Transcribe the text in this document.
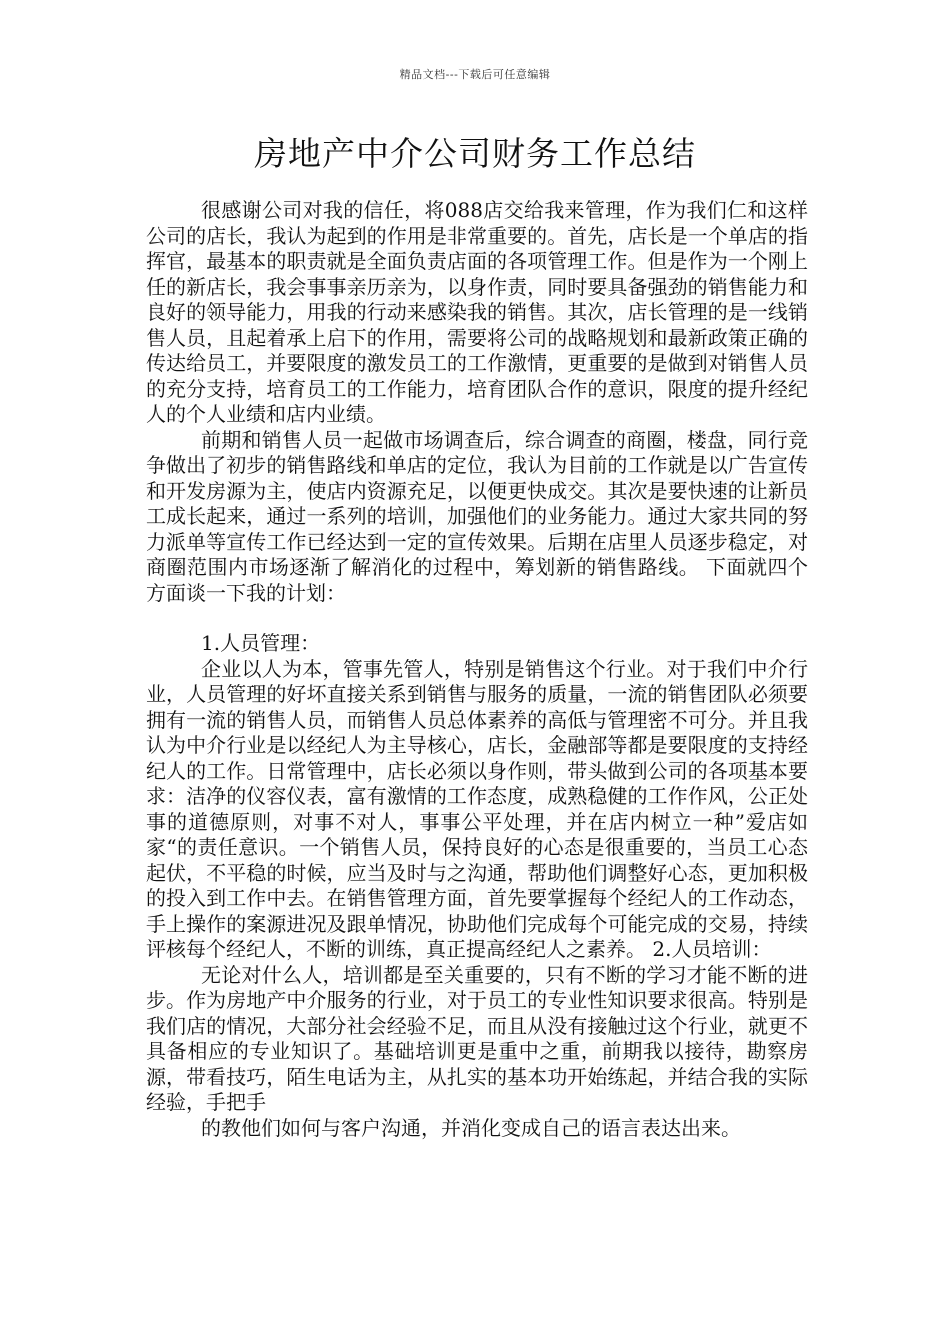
精品文档---下载后可任意编辑
房地产中介公司财务工作总结

很感谢公司对我的信任，将088店交给我来管理，作为我们仁和这样公司的店长，我认为起到的作用是非常重要的。首先，店长是一个单店的指挥官，最基本的职责就是全面负责店面的各项管理工作。但是作为一个刚上任的新店长，我会事事亲历亲为，以身作责，同时要具备强劲的销售能力和良好的领导能力，用我的行动来感染我的销售。其次，店长管理的是一线销售人员，且起着承上启下的作用，需要将公司的战略规划和最新政策正确的传达给员工，并要限度的激发员工的工作激情，更重要的是做到对销售人员的充分支持，培育员工的工作能力，培育团队合作的意识，限度的提升经纪人的个人业绩和店内业绩。

前期和销售人员一起做市场调查后，综合调查的商圈，楼盘，同行竞争做出了初步的销售路线和单店的定位，我认为目前的工作就是以广告宣传和开发房源为主，使店内资源充足，以便更快成交。其次是要快速的让新员工成长起来，通过一系列的培训，加强他们的业务能力。通过大家共同的努力派单等宣传工作已经达到一定的宣传效果。后期在店里人员逐步稳定，对商圈范围内市场逐渐了解消化的过程中，筹划新的销售路线。 下面就四个方面谈一下我的计划：

1.人员管理：

企业以人为本，管事先管人，特别是销售这个行业。对于我们中介行业，人员管理的好坏直接关系到销售与服务的质量，一流的销售团队必须要拥有一流的销售人员，而销售人员总体素养的高低与管理密不可分。并且我认为中介行业是以经纪人为主导核心，店长，金融部等都是要限度的支持经纪人的工作。日常管理中，店长必须以身作则，带头做到公司的各项基本要求：洁净的仪容仪表，富有激情的工作态度，成熟稳健的工作作风，公正处事的道德原则，对事不对人，事事公平处理，并在店内树立一种”爱店如家“的责任意识。一个销售人员，保持良好的心态是很重要的，当员工心态起伏，不平稳的时候，应当及时与之沟通，帮助他们调整好心态，更加积极的投入到工作中去。在销售管理方面，首先要掌握每个经纪人的工作动态，手上操作的案源进况及跟单情况，协助他们完成每个可能完成的交易，持续评核每个经纪人，不断的训练，真正提高经纪人之素养。 2.人员培训：

无论对什么人，培训都是至关重要的，只有不断的学习才能不断的进步。作为房地产中介服务的行业，对于员工的专业性知识要求很高。特别是我们店的情况，大部分社会经验不足，而且从没有接触过这个行业，就更不具备相应的专业知识了。基础培训更是重中之重，前期我以接待，勘察房源，带看技巧，陌生电话为主，从扎实的基本功开始练起，并结合我的实际经验，手把手

的教他们如何与客户沟通，并消化变成自己的语言表达出来。
